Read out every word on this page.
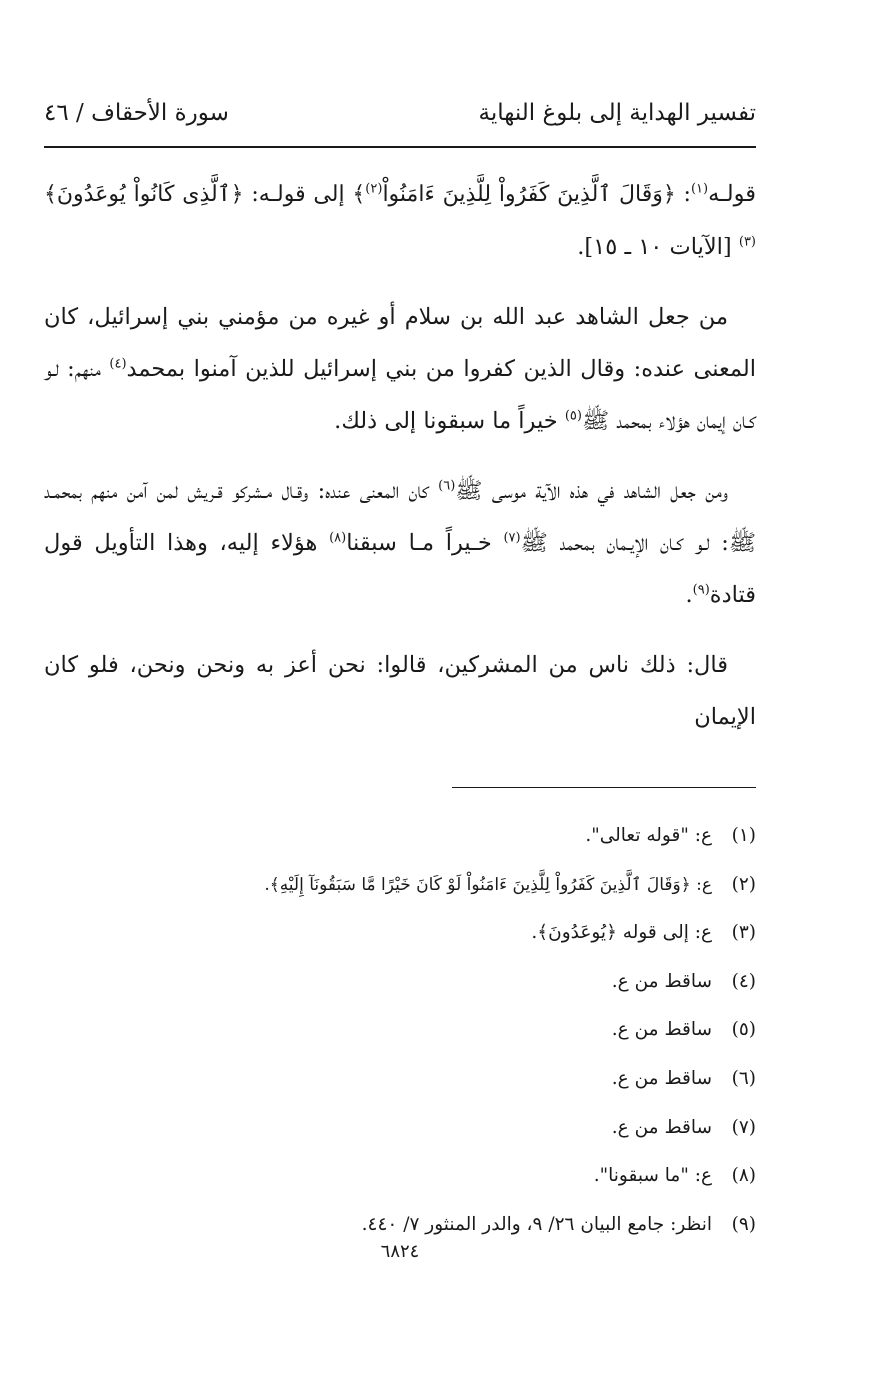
تفسير الهداية إلى بلوغ النهاية
سورة الأحقاف / ٤٦

قولـه$^{(١)}$: ﴿وَقَالَ ٱلَّذِينَ كَفَرُواْ لِلَّذِينَ ءَامَنُواْ$^{(٢)}$﴾ إلى قولـه: ﴿ٱلَّذِى كَانُواْ يُوعَدُونَ﴾$^{(٣)}$ [الآيات ١٠ ـ ١٥].

من جعل الشاهد عبد الله بن سلام أو غيره من مؤمني بني إسرائيل، كان المعنى عنده: وقال الذين كفروا من بني إسرائيل للذين آمنوا بمحمد$^{(٤)}$ منهم: لـو كـان إيمان هؤلاء بمحمد ﷺ$^{(٥)}$ خيراً ما سبقونا إلى ذلك.

ومن جعل الشاهد في هذه الآية موسى ﷺ$^{(٦)}$ كان المعنى عنده: وقـال مـشركو قـريش لمن آمن منهم بمحمـد ﷺ: لـو كـان الإيـمان بمحمد ﷺ$^{(٧)}$ خـيراً مـا سبقنا$^{(٨)}$ هؤلاء إليه، وهذا التأويل قول قتادة$^{(٩)}$.

قال: ذلك ناس من المشركين، قالوا: نحن أعز به ونحن ونحن، فلو كان الإيمان

(١)ع: "قوله تعالى".
(٢)ع: ﴿وَقَالَ ٱلَّذِينَ كَفَرُواْ لِلَّذِينَ ءَامَنُواْ لَوْ كَانَ خَيْرًا مَّا سَبَقُونَآ إِلَيْهِ﴾.
(٣)ع: إلى قوله ﴿يُوعَدُونَ﴾.
(٤)ساقط من ع.
(٥)ساقط من ع.
(٦)ساقط من ع.
(٧)ساقط من ع.
(٨)ع: "ما سبقونا".
(٩)انظر: جامع البيان ٢٦/ ٩، والدر المنثور ٧/ ٤٤٠.
٦٨٢٤
